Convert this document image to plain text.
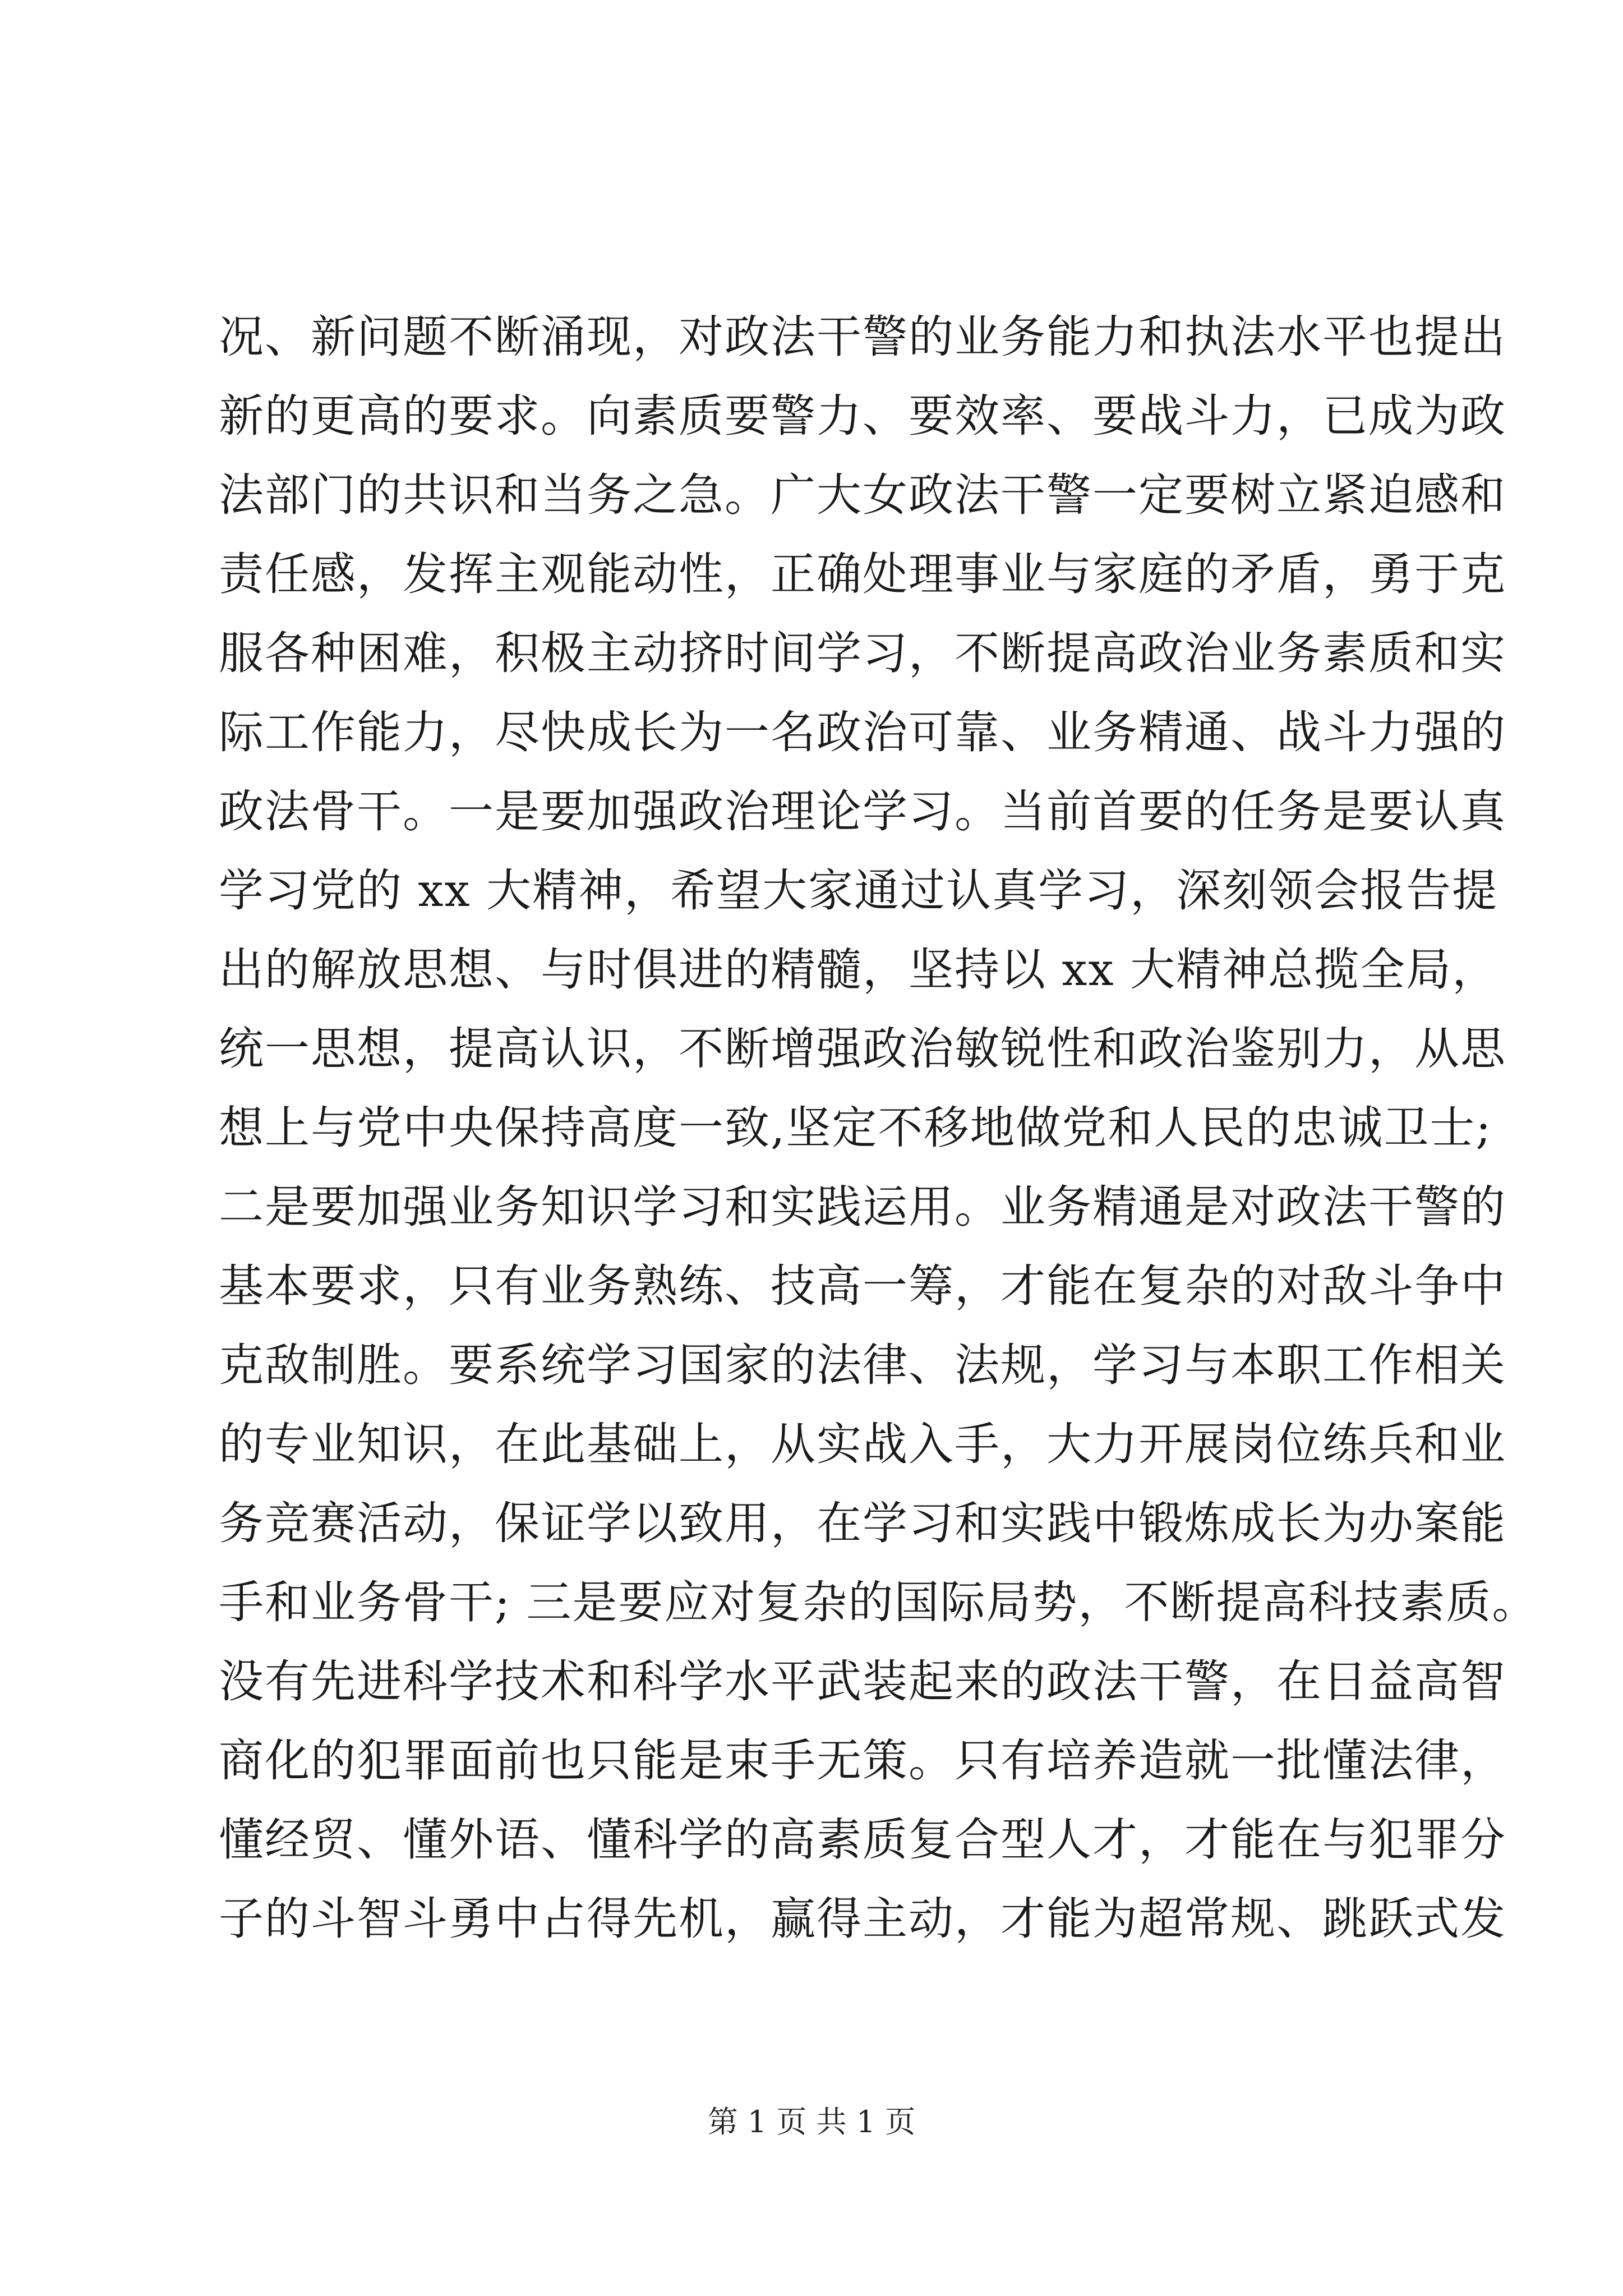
况、新问题不断涌现，对政法干警的业务能力和执法水平也提出
新的更高的要求。向素质要警力、要效率、要战斗力，已成为政
法部门的共识和当务之急。广大女政法干警一定要树立紧迫感和
责任感，发挥主观能动性，正确处理事业与家庭的矛盾，勇于克
服各种困难，积极主动挤时间学习，不断提高政治业务素质和实
际工作能力，尽快成长为一名政治可靠、业务精通、战斗力强的
政法骨干。一是要加强政治理论学习。当前首要的任务是要认真
学习党的 xx 大精神，希望大家通过认真学习，深刻领会报告提
出的解放思想、与时俱进的精髓，坚持以 xx 大精神总揽全局，
统一思想，提高认识，不断增强政治敏锐性和政治鉴别力，从思
想上与党中央保持高度一致,坚定不移地做党和人民的忠诚卫士;
二是要加强业务知识学习和实践运用。业务精通是对政法干警的
基本要求，只有业务熟练、技高一筹，才能在复杂的对敌斗争中
克敌制胜。要系统学习国家的法律、法规，学习与本职工作相关
的专业知识，在此基础上，从实战入手，大力开展岗位练兵和业
务竞赛活动，保证学以致用，在学习和实践中锻炼成长为办案能
手和业务骨干; 三是要应对复杂的国际局势，不断提高科技素质。
没有先进科学技术和科学水平武装起来的政法干警，在日益高智
商化的犯罪面前也只能是束手无策。只有培养造就一批懂法律，
懂经贸、懂外语、懂科学的高素质复合型人才，才能在与犯罪分
子的斗智斗勇中占得先机，赢得主动，才能为超常规、跳跃式发
第 1 页 共 1 页
